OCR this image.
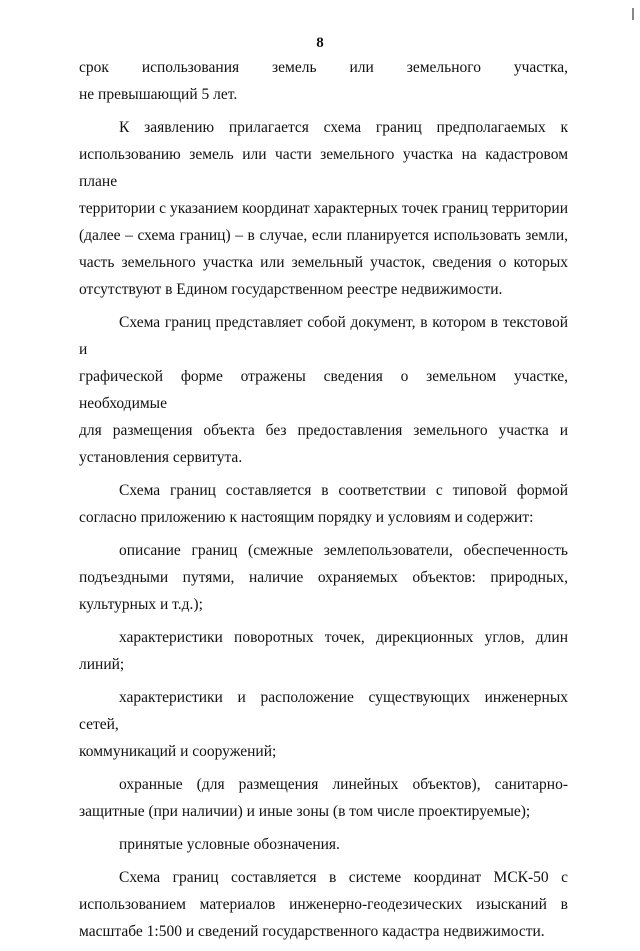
8
срок использования земель или земельного участка,
не превышающий 5 лет.
К заявлению прилагается схема границ предполагаемых к
использованию земель или части земельного участка на кадастровом плане
территории с указанием координат характерных точек границ территории
(далее – схема границ) – в случае, если планируется использовать земли,
часть земельного участка или земельный участок, сведения о которых
отсутствуют в Едином государственном реестре недвижимости.
Схема границ представляет собой документ, в котором в текстовой и
графической форме отражены сведения о земельном участке, необходимые
для размещения объекта без предоставления земельного участка и
установления сервитута.
Схема границ составляется в соответствии с типовой формой
согласно приложению к настоящим порядку и условиям и содержит:
описание границ (смежные землепользователи, обеспеченность
подъездными путями, наличие охраняемых объектов: природных,
культурных и т.д.);
характеристики поворотных точек, дирекционных углов, длин
линий;
характеристики и расположение существующих инженерных сетей,
коммуникаций и сооружений;
охранные (для размещения линейных объектов), санитарно-
защитные (при наличии) и иные зоны (в том числе проектируемые);
принятые условные обозначения.
Схема границ составляется в системе координат МСК-50 с
использованием материалов инженерно-геодезических изысканий в
масштабе 1:500 и сведений государственного кадастра недвижимости.
